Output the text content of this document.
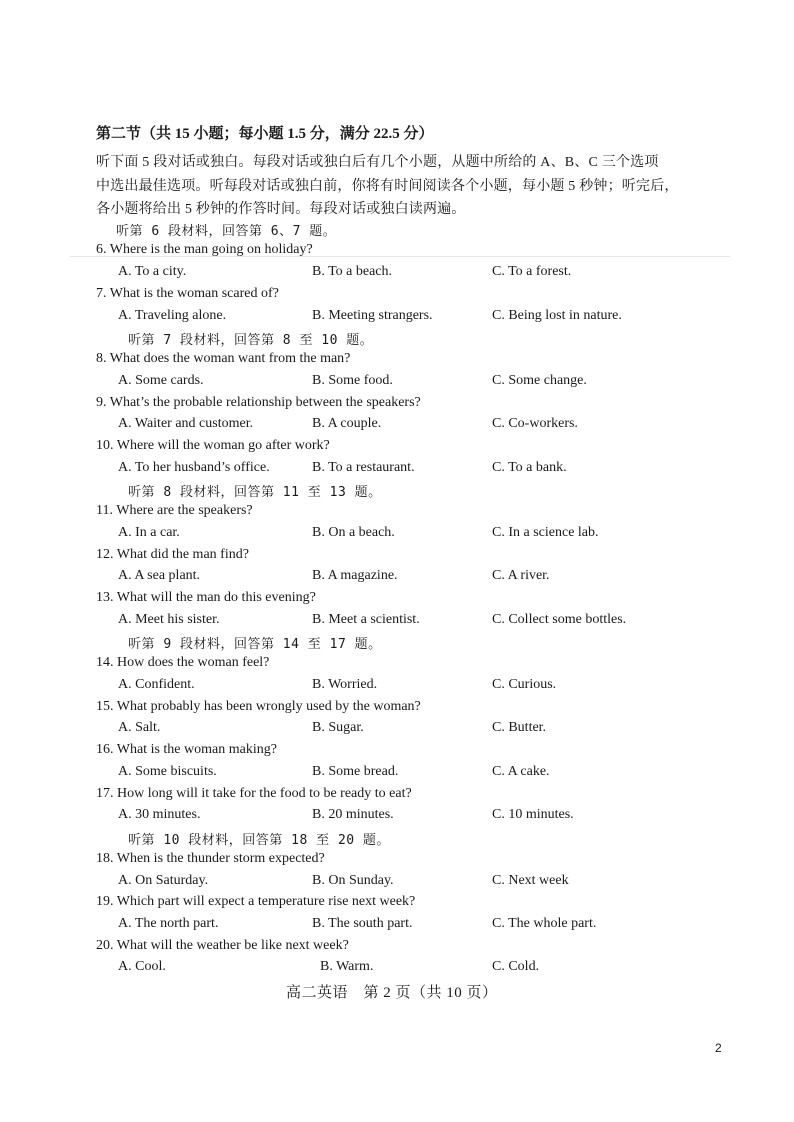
第二节（共 15 小题；每小题 1.5 分，满分 22.5 分）
听下面 5 段对话或独白。每段对话或独白后有几个小题，从题中所给的 A、B、C 三个选项
中选出最佳选项。听每段对话或独白前，你将有时间阅读各个小题，每小题 5 秒钟；听完后，
各小题将给出 5 秒钟的作答时间。每段对话或独白读两遍。
听第 6 段材料，回答第 6、7 题。
6. Where is the man going on holiday?
A. To a city.	B. To a beach.	C. To a forest.
7. What is the woman scared of?
A. Traveling alone.	B. Meeting strangers.	C. Being lost in nature.
听第 7 段材料，回答第 8 至 10 题。
8. What does the woman want from the man?
A. Some cards.	B. Some food.	C. Some change.
9. What’s the probable relationship between the speakers?
A. Waiter and customer.	B. A couple.	C. Co-workers.
10. Where will the woman go after work?
A. To her husband’s office.	B. To a restaurant.	C. To a bank.
听第 8 段材料，回答第 11 至 13 题。
11. Where are the speakers?
A. In a car.	B. On a beach.	C. In a science lab.
12. What did the man find?
A. A sea plant.	B. A magazine.	C. A river.
13. What will the man do this evening?
A. Meet his sister.	B. Meet a scientist.	C. Collect some bottles.
听第 9 段材料，回答第 14 至 17 题。
14. How does the woman feel?
A. Confident.	B. Worried.	C. Curious.
15. What probably has been wrongly used by the woman?
A. Salt.	B. Sugar.	C. Butter.
16. What is the woman making?
A. Some biscuits.	B. Some bread.	C. A cake.
17. How long will it take for the food to be ready to eat?
A. 30 minutes.	B. 20 minutes.	C. 10 minutes.
听第 10 段材料，回答第 18 至 20 题。
18. When is the thunder storm expected?
A. On Saturday.	B. On Sunday.	C. Next week
19. Which part will expect a temperature rise next week?
A. The north part.	B. The south part.	C. The whole part.
20. What will the weather be like next week?
A. Cool.	B. Warm.	C. Cold.
高二英语　第 2 页（共 10 页）
2
